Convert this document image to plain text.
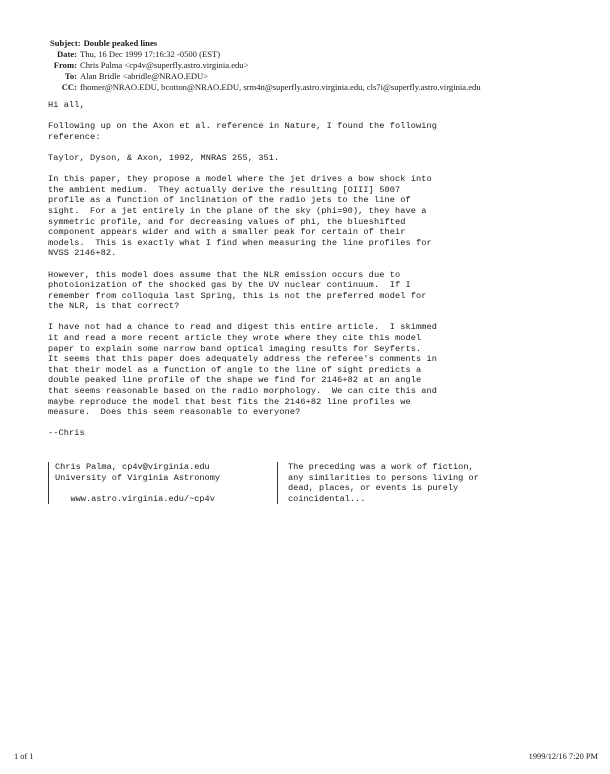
Subject: Double peaked lines
Date: Thu, 16 Dec 1999 17:16:32 -0500 (EST)
From: Chris Palma <cp4v@superfly.astro.virginia.edu>
To: Alan Bridle <abridle@NRAO.EDU>
CC: fhomer@NRAO.EDU, bcotton@NRAO.EDU, srm4n@superfly.astro.virginia.edu, cls7i@superfly.astro.virginia.edu
Hi all,
Following up on the Axon et al. reference in Nature, I found the following
reference:
Taylor, Dyson, & Axon, 1992, MNRAS 255, 351.
In this paper, they propose a model where the jet drives a bow shock into
the ambient medium.  They actually derive the resulting [OIII] 5007
profile as a function of inclination of the radio jets to the line of
sight.  For a jet entirely in the plane of the sky (phi=90), they have a
symmetric profile, and for decreasing values of phi, the blueshifted
component appears wider and with a smaller peak for certain of their
models.  This is exactly what I find when measuring the line profiles for
NVSS 2146+82.
However, this model does assume that the NLR emission occurs due to
photoionization of the shocked gas by the UV nuclear continuum.  If I
remember from colloquia last Spring, this is not the preferred model for
the NLR, is that correct?
I have not had a chance to read and digest this entire article.  I skimmed
it and read a more recent article they wrote where they cite this model
paper to explain some narrow band optical imaging results for Seyferts.
It seems that this paper does adequately address the referee's comments in
that their model as a function of angle to the line of sight predicts a
double peaked line profile of the shape we find for 2146+82 at an angle
that seems reasonable based on the radio morphology.  We can cite this and
maybe reproduce the model that best fits the 2146+82 line profiles we
measure.  Does this seem reasonable to everyone?
--Chris
Chris Palma, cp4v@virginia.edu	The preceding was a work of fiction,
University of Virginia Astronomy	any similarities to persons living or
dead, places, or events is purely
www.astro.virginia.edu/~cp4v	coincidental...
1 of 1	1999/12/16 7:20 PM
